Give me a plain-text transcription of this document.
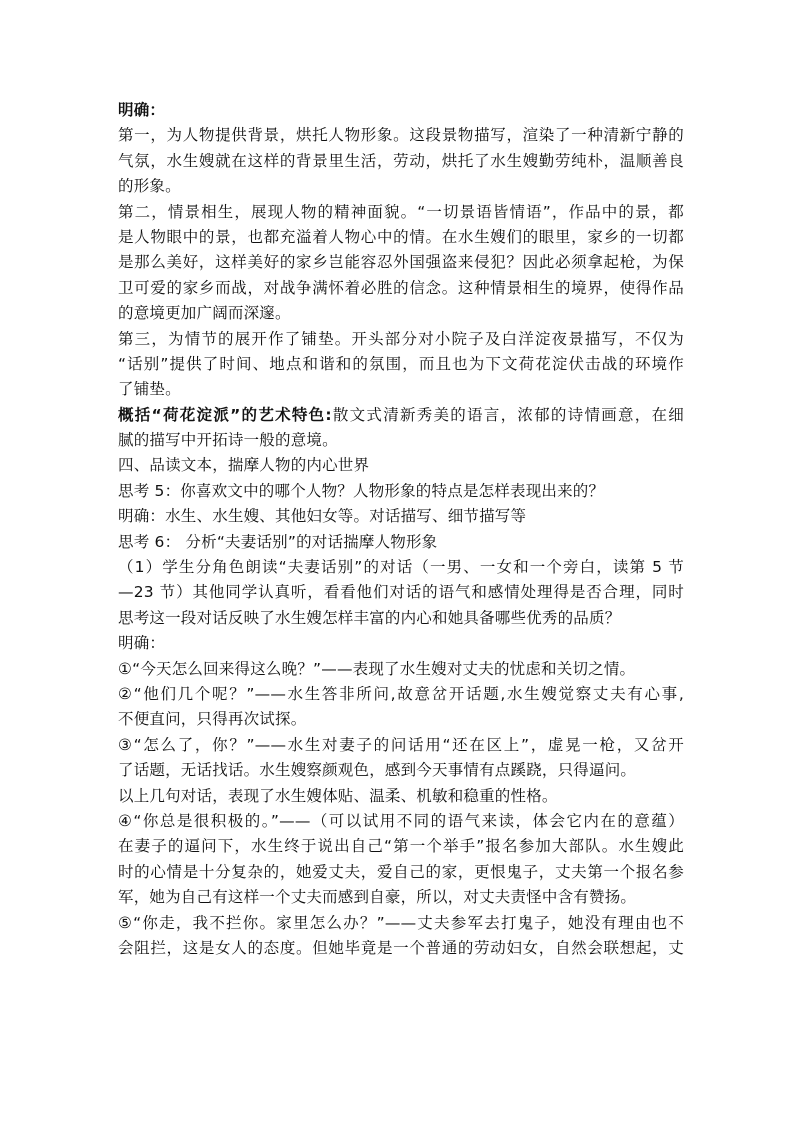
明确：
第一，为人物提供背景，烘托人物形象。这段景物描写，渲染了一种清新宁静的
气氛，水生嫂就在这样的背景里生活，劳动，烘托了水生嫂勤劳纯朴，温顺善良
的形象。
第二，情景相生，展现人物的精神面貌。“一切景语皆情语”，作品中的景，都
是人物眼中的景，也都充溢着人物心中的情。在水生嫂们的眼里，家乡的一切都
是那么美好，这样美好的家乡岂能容忍外国强盗来侵犯？因此必须拿起枪，为保
卫可爱的家乡而战，对战争满怀着必胜的信念。这种情景相生的境界，使得作品
的意境更加广阔而深邃。
第三，为情节的展开作了铺垫。开头部分对小院子及白洋淀夜景描写，不仅为
“话别”提供了时间、地点和谐和的氛围，而且也为下文荷花淀伏击战的环境作
了铺垫。
概括“荷花淀派”的艺术特色:散文式清新秀美的语言，浓郁的诗情画意，在细
腻的描写中开拓诗一般的意境。
四、品读文本，揣摩人物的内心世界
思考 5：你喜欢文中的哪个人物？人物形象的特点是怎样表现出来的？
明确：水生、水生嫂、其他妇女等。对话描写、细节描写等
思考 6： 分析“夫妻话别”的对话揣摩人物形象
（1）学生分角色朗读“夫妻话别”的对话（一男、一女和一个旁白，读第 5 节
—23 节）其他同学认真听，看看他们对话的语气和感情处理得是否合理，同时
思考这一段对话反映了水生嫂怎样丰富的内心和她具备哪些优秀的品质？
明确：
①“今天怎么回来得这么晚？”——表现了水生嫂对丈夫的忧虑和关切之情。
②“他们几个呢？”——水生答非所问,故意岔开话题,水生嫂觉察丈夫有心事,
不便直问，只得再次试探。
③“怎么了，你？”——水生对妻子的问话用“还在区上”，虚晃一枪，又岔开
了话题，无话找话。水生嫂察颜观色，感到今天事情有点蹊跷，只得逼问。
以上几句对话，表现了水生嫂体贴、温柔、机敏和稳重的性格。
④“你总是很积极的。”——（可以试用不同的语气来读，体会它内在的意蕴）
在妻子的逼问下，水生终于说出自己“第一个举手”报名参加大部队。水生嫂此
时的心情是十分复杂的，她爱丈夫，爱自己的家，更恨鬼子，丈夫第一个报名参
军，她为自己有这样一个丈夫而感到自豪，所以，对丈夫责怪中含有赞扬。
⑤“你走，我不拦你。家里怎么办？”——丈夫参军去打鬼子，她没有理由也不
会阻拦，这是女人的态度。但她毕竟是一个普通的劳动妇女，自然会联想起，丈
